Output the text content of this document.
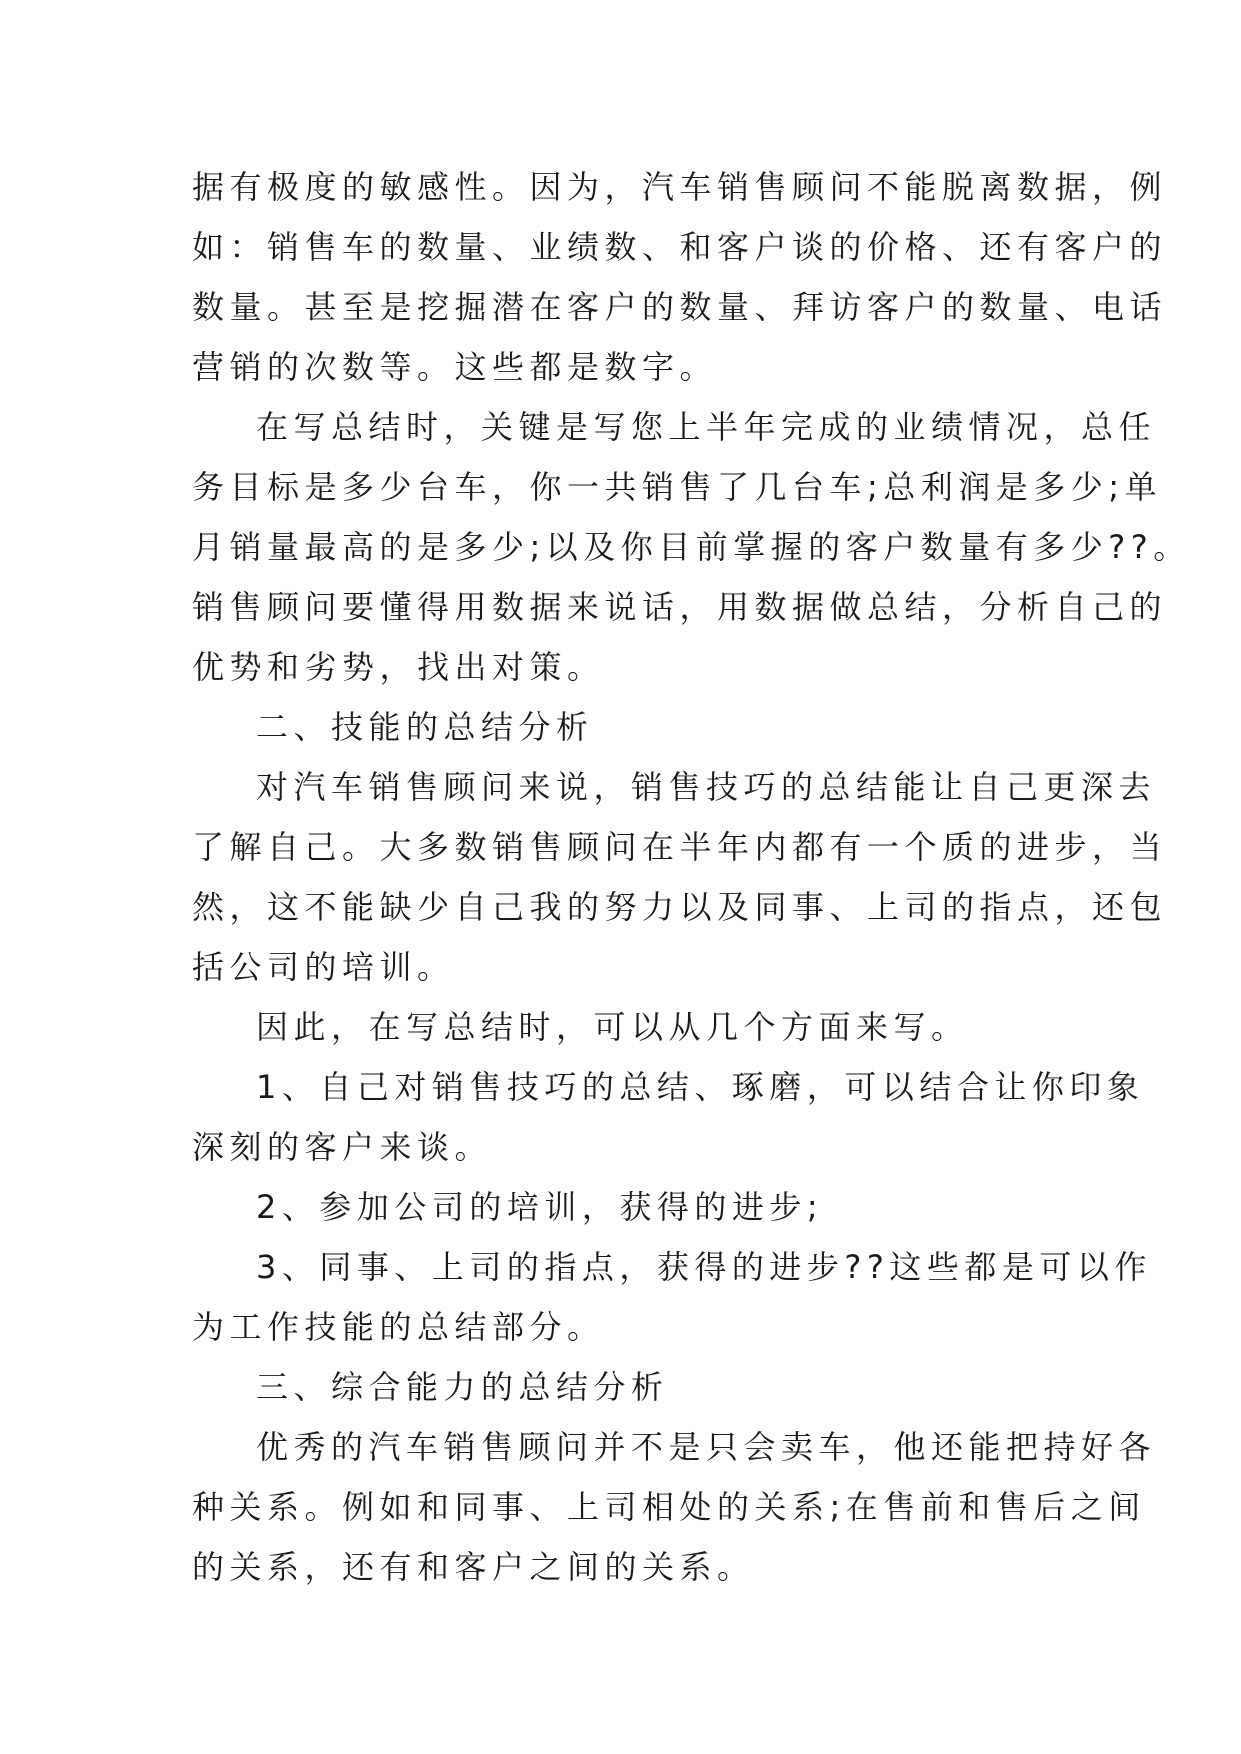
据有极度的敏感性。因为，汽车销售顾问不能脱离数据，例
如：销售车的数量、业绩数、和客户谈的价格、还有客户的
数量。甚至是挖掘潜在客户的数量、拜访客户的数量、电话
营销的次数等。这些都是数字。
在写总结时，关键是写您上半年完成的业绩情况，总任
务目标是多少台车，你一共销售了几台车;总利润是多少;单
月销量最高的是多少;以及你目前掌握的客户数量有多少??。
销售顾问要懂得用数据来说话，用数据做总结，分析自己的
优势和劣势，找出对策。
二、技能的总结分析
对汽车销售顾问来说，销售技巧的总结能让自己更深去
了解自己。大多数销售顾问在半年内都有一个质的进步，当
然，这不能缺少自己我的努力以及同事、上司的指点，还包
括公司的培训。
因此，在写总结时，可以从几个方面来写。
1、自己对销售技巧的总结、琢磨，可以结合让你印象
深刻的客户来谈。
2、参加公司的培训，获得的进步;
3、同事、上司的指点，获得的进步??这些都是可以作
为工作技能的总结部分。
三、综合能力的总结分析
优秀的汽车销售顾问并不是只会卖车，他还能把持好各
种关系。例如和同事、上司相处的关系;在售前和售后之间
的关系，还有和客户之间的关系。
